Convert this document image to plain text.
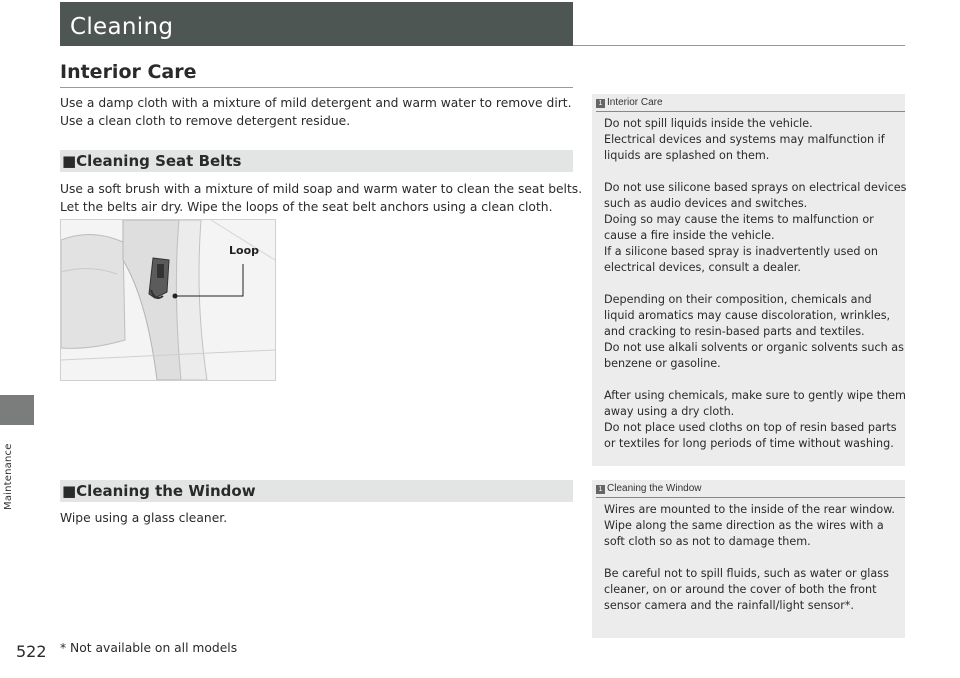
Maintenance
Cleaning
Interior Care
Use a damp cloth with a mixture of mild detergent and warm water to remove dirt.
Use a clean cloth to remove detergent residue.
■Cleaning Seat Belts
Use a soft brush with a mixture of mild soap and warm water to clean the seat belts.
Let the belts air dry. Wipe the loops of the seat belt anchors using a clean cloth.
Loop
■Cleaning the Window
Wipe using a glass cleaner.
1 Interior Care
Do not spill liquids inside the vehicle.
Electrical devices and systems may malfunction if
liquids are splashed on them.
Do not use silicone based sprays on electrical devices
such as audio devices and switches.
Doing so may cause the items to malfunction or
cause a fire inside the vehicle.
If a silicone based spray is inadvertently used on
electrical devices, consult a dealer.
Depending on their composition, chemicals and
liquid aromatics may cause discoloration, wrinkles,
and cracking to resin-based parts and textiles.
Do not use alkali solvents or organic solvents such as
benzene or gasoline.
After using chemicals, make sure to gently wipe them
away using a dry cloth.
Do not place used cloths on top of resin based parts
or textiles for long periods of time without washing.
1 Cleaning the Window
Wires are mounted to the inside of the rear window.
Wipe along the same direction as the wires with a
soft cloth so as not to damage them.
Be careful not to spill fluids, such as water or glass
cleaner, on or around the cover of both the front
sensor camera and the rainfall/light sensor*.
522 * Not available on all models
